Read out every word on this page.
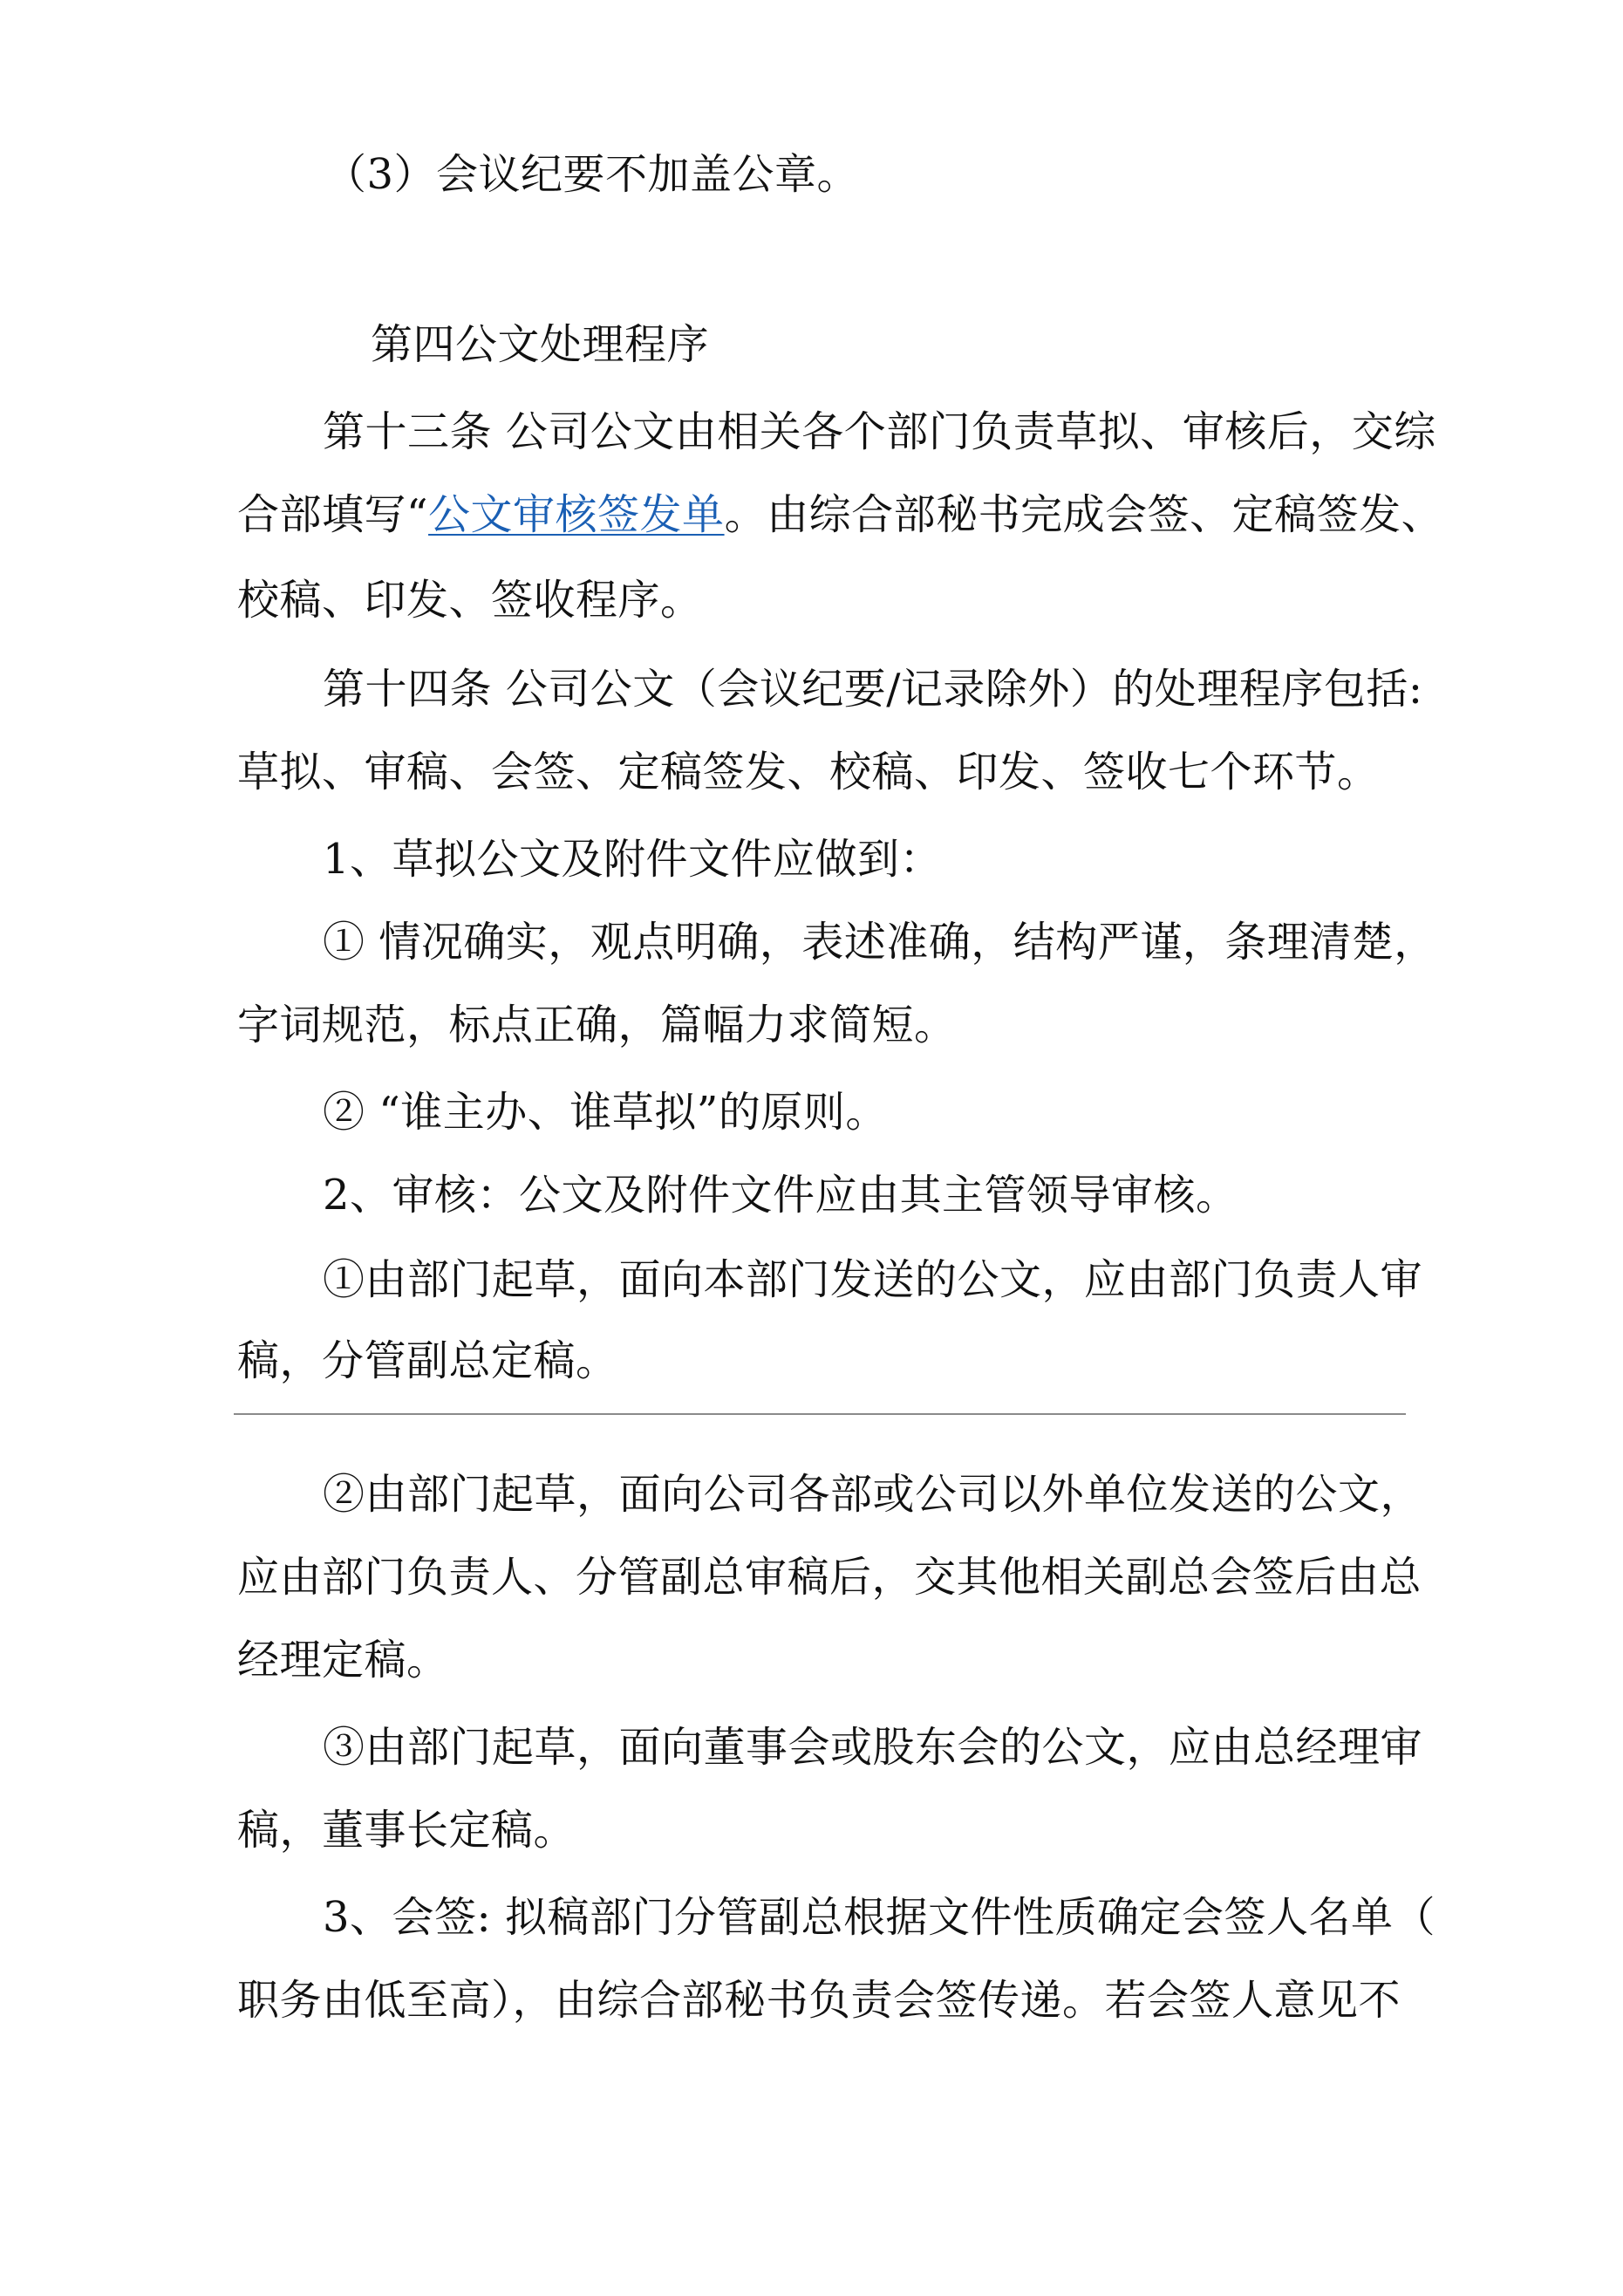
（3）会议纪要不加盖公章。
第四公文处理程序
第十三条 公司公文由相关各个部门负责草拟、审核后，交综
合部填写“公文审核签发单。由综合部秘书完成会签、定稿签发、
校稿、印发、签收程序。
第十四条 公司公文（会议纪要/记录除外）的处理程序包括:
草拟、审稿、会签、定稿签发、校稿、印发、签收七个环节。
1、草拟公文及附件文件应做到：
① 情况确实，观点明确，表述准确，结构严谨，条理清楚，
字词规范，标点正确，篇幅力求简短。
② “谁主办、谁草拟”的原则。
2、审核：公文及附件文件应由其主管领导审核。
①由部门起草，面向本部门发送的公文，应由部门负责人审
稿，分管副总定稿。
②由部门起草，面向公司各部或公司以外单位发送的公文，
应由部门负责人、分管副总审稿后，交其他相关副总会签后由总
经理定稿。
③由部门起草，面向董事会或股东会的公文，应由总经理审
稿，董事长定稿。
3、会签: 拟稿部门分管副总根据文件性质确定会签人名单（
职务由低至高），由综合部秘书负责会签传递。若会签人意见不
